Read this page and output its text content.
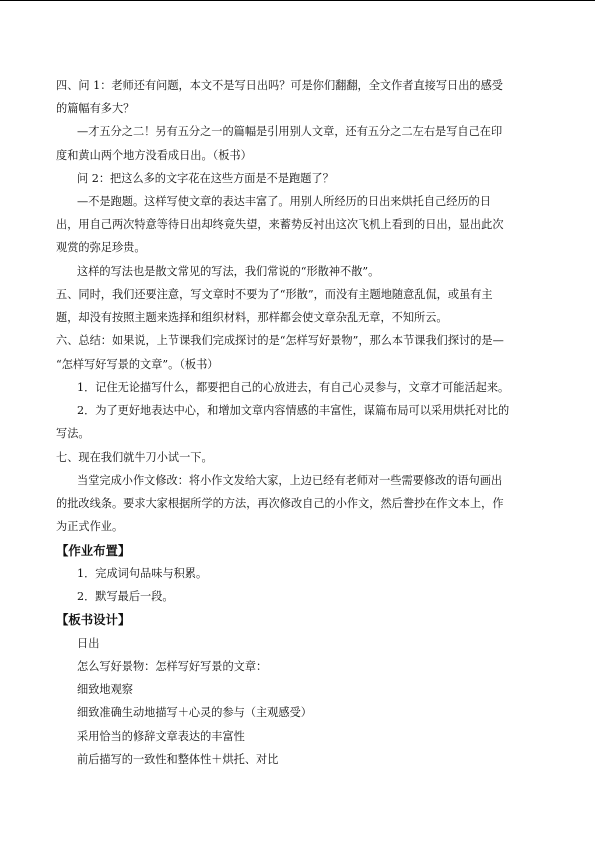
四、问 1：老师还有问题，本文不是写日出吗？可是你们翻翻，全文作者直接写日出的感受
的篇幅有多大？
—才五分之二！另有五分之一的篇幅是引用别人文章，还有五分之二左右是写自己在印
度和黄山两个地方没看成日出。（板书）
问 2：把这么多的文字花在这些方面是不是跑题了？
—不是跑题。这样写使文章的表达丰富了。用别人所经历的日出来烘托自己经历的日
出，用自己两次特意等待日出却终竟失望，来蓄势反衬出这次飞机上看到的日出，显出此次
观赏的弥足珍贵。
这样的写法也是散文常见的写法，我们常说的“形散神不散”。
五、同时，我们还要注意，写文章时不要为了“形散”，而没有主题地随意乱侃，或虽有主
题，却没有按照主题来选择和组织材料，那样都会使文章杂乱无章，不知所云。
六、总结：如果说，上节课我们完成探讨的是“怎样写好景物”，那么本节课我们探讨的是—
“怎样写好写景的文章”。（板书）
1．记住无论描写什么，都要把自己的心放进去，有自己心灵参与，文章才可能活起来。
2．为了更好地表达中心，和增加文章内容情感的丰富性，谋篇布局可以采用烘托对比的
写法。
七、现在我们就牛刀小试一下。
当堂完成小作文修改：将小作文发给大家，上边已经有老师对一些需要修改的语句画出
的批改线条。要求大家根据所学的方法，再次修改自己的小作文，然后誊抄在作文本上，作
为正式作业。
【作业布置】
1．完成词句品味与积累。
2．默写最后一段。
【板书设计】
日出
怎么写好景物：怎样写好写景的文章：
细致地观察
细致准确生动地描写＋心灵的参与（主观感受）
采用恰当的修辞文章表达的丰富性
前后描写的一致性和整体性＋烘托、对比
